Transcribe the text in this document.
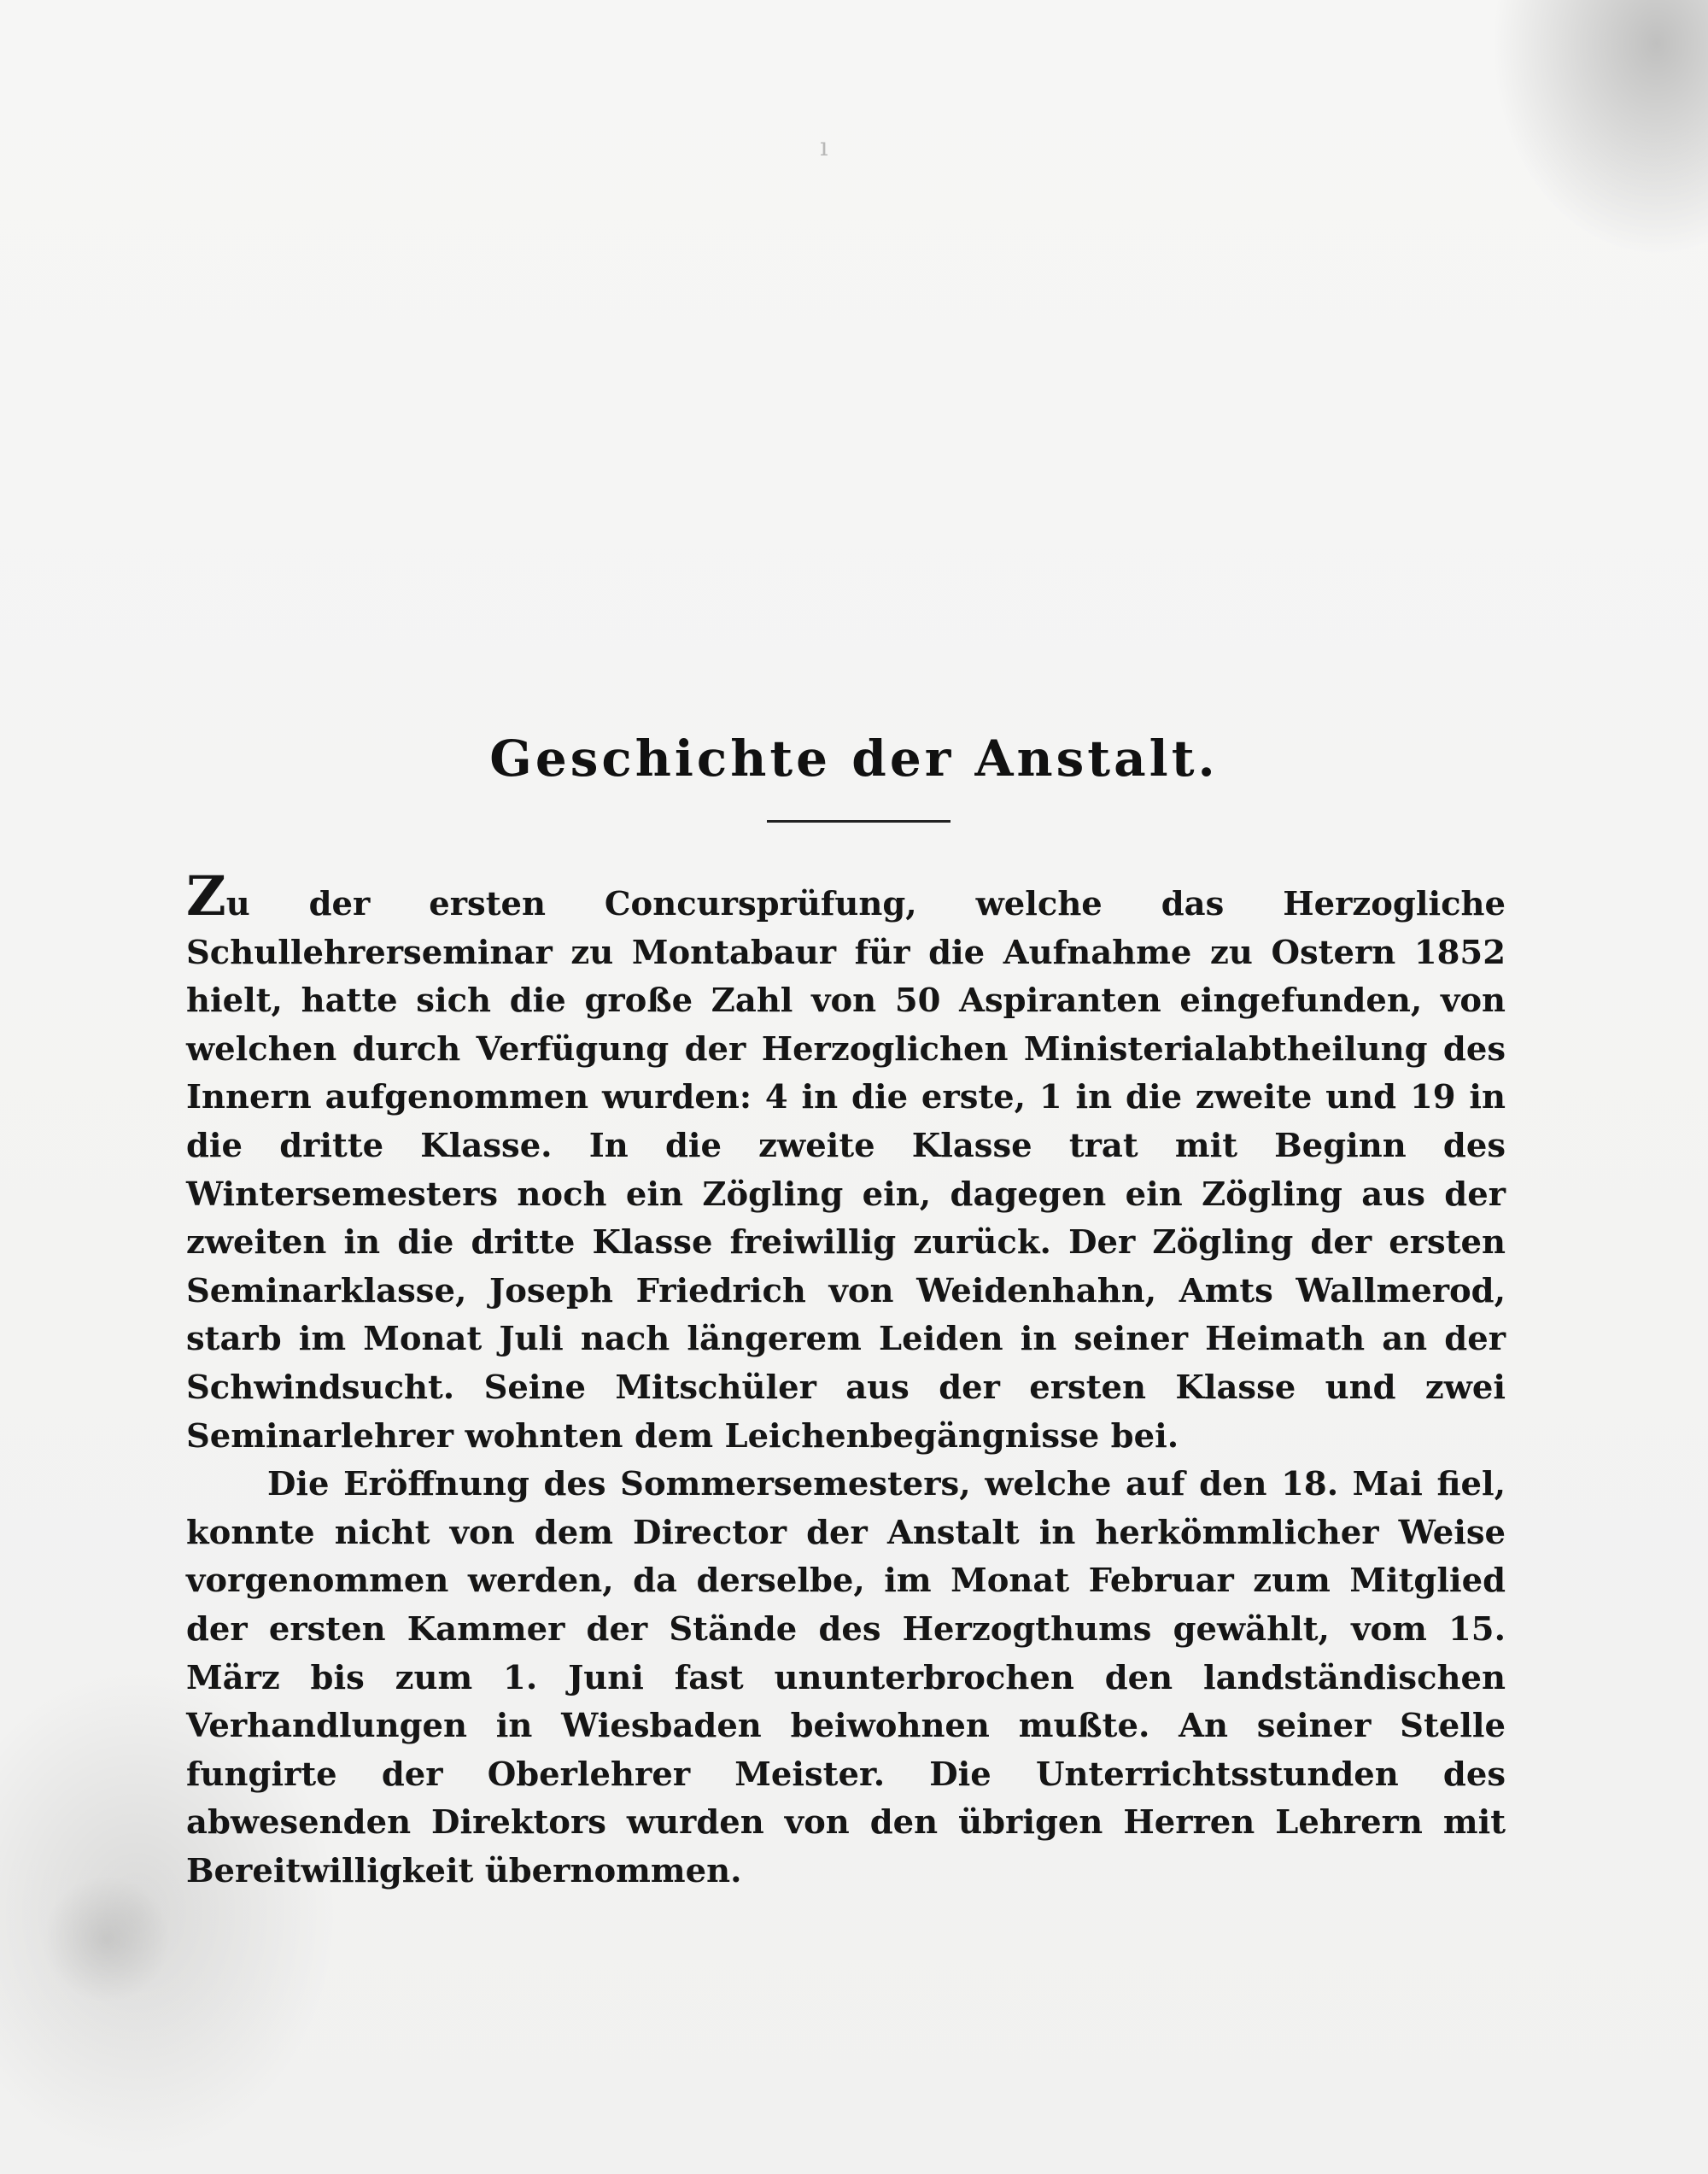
ı
Geschichte der Anstalt.

Zu der ersten Concursprüfung, welche das Herzogliche Schullehrerseminar zu Montabaur für die Aufnahme zu Ostern 1852 hielt, hatte sich die große Zahl von 50 Aspiranten eingefunden, von welchen durch Verfügung der Herzoglichen Ministerialabtheilung des Innern aufgenommen wurden: 4 in die erste, 1 in die zweite und 19 in die dritte Klasse. In die zweite Klasse trat mit Beginn des Wintersemesters noch ein Zögling ein, dagegen ein Zögling aus der zweiten in die dritte Klasse freiwillig zurück. Der Zögling der ersten Seminarklasse, Joseph Friedrich von Weidenhahn, Amts Wallmerod, starb im Monat Juli nach längerem Leiden in seiner Heimath an der Schwindsucht. Seine Mitschüler aus der ersten Klasse und zwei Seminarlehrer wohnten dem Leichenbegängnisse bei.

Die Eröffnung des Sommersemesters, welche auf den 18. Mai fiel, konnte nicht von dem Director der Anstalt in herkömmlicher Weise vorgenommen werden, da derselbe, im Monat Februar zum Mitglied der ersten Kammer der Stände des Herzogthums gewählt, vom 15. März bis zum 1. Juni fast ununterbrochen den landständischen Verhandlungen in Wiesbaden beiwohnen mußte. An seiner Stelle fungirte der Oberlehrer Meister. Die Unterrichtsstunden des abwesenden Direktors wurden von den übrigen Herren Lehrern mit Bereitwilligkeit übernommen.
